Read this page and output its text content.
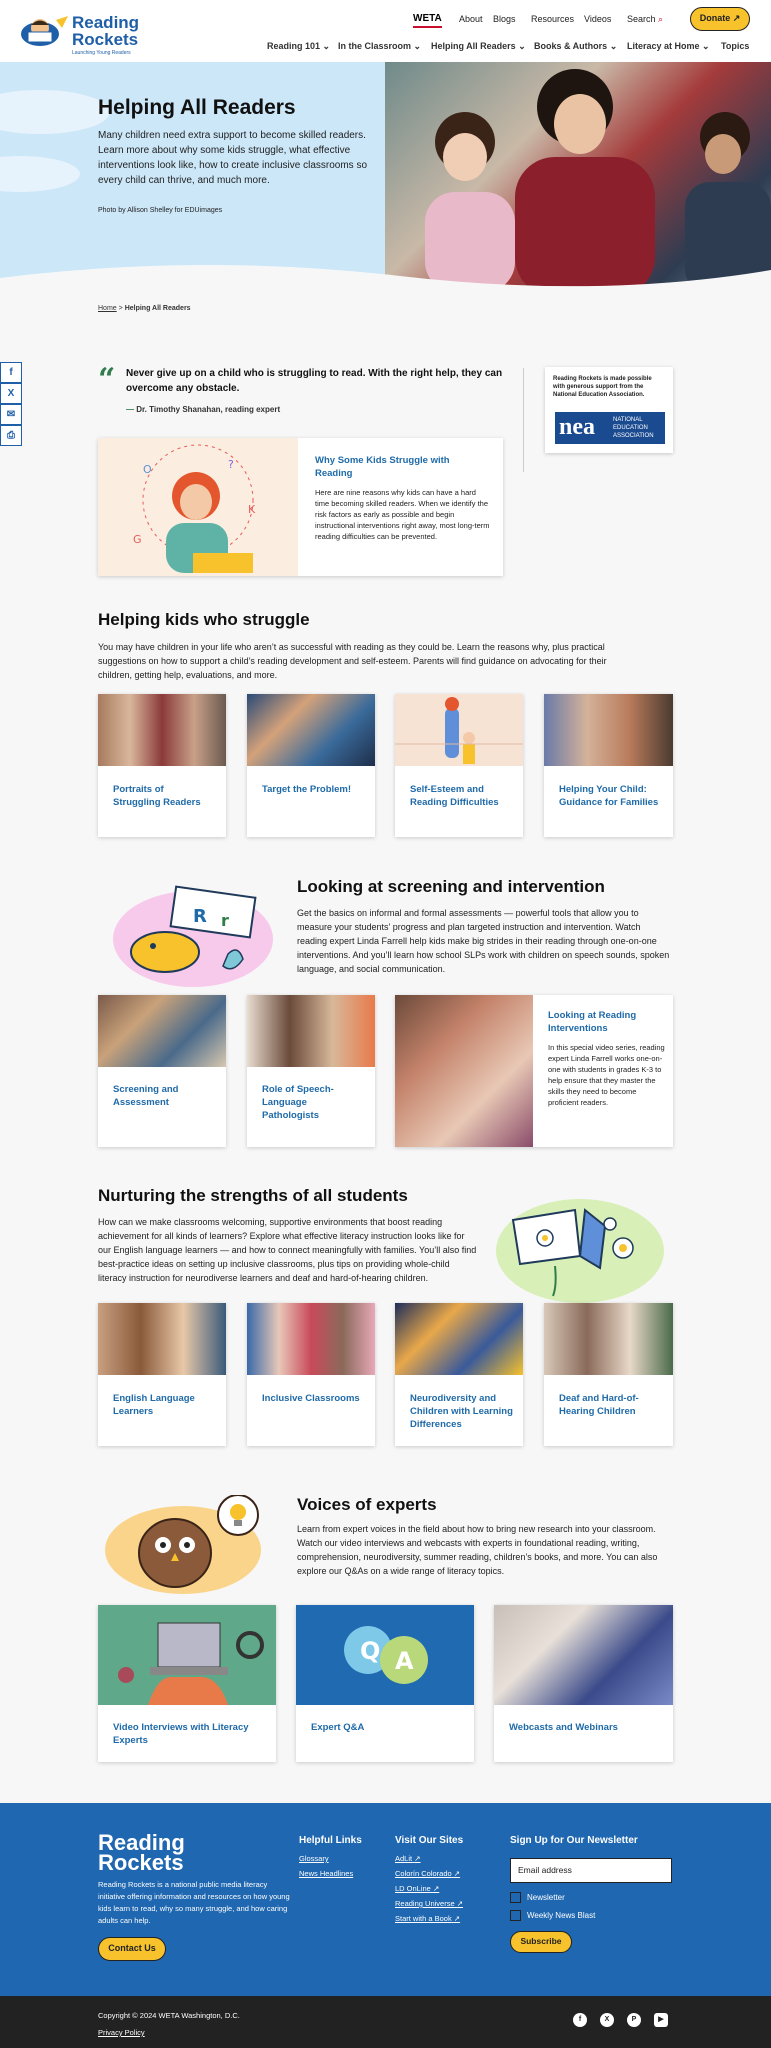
Reading
Rockets
Launching Young Readers
WETA About Blogs Resources Videos Search ⌕	Donate ↗
Reading 101 ⌄ In the Classroom ⌄ Helping All Readers ⌄ Books & Authors ⌄ Literacy at Home ⌄ Topics
Helping All Readers

Many children need extra support to become skilled readers. Learn more about why some kids struggle, what effective interventions look like, how to create inclusive classrooms so every child can thrive, and much more.

Photo by Allison Shelley for EDUimages

Home > Helping All Readers
f
X
✉
⎙
“ Never give up on a child who is struggling to read. With the right help, they can overcome any obstacle.

— Dr. Timothy Shanahan, reading expert

Reading Rockets is made possible with generous support from the National Education Association.

nea	NATIONAL EDUCATION ASSOCIATION
O	?
K
G
Why Some Kids Struggle with Reading
Here are nine reasons why kids can have a hard time becoming skilled readers. When we identify the risk factors as early as possible and begin instructional interventions right away, most long-term reading difficulties can be prevented.
Helping kids who struggle

You may have children in your life who aren’t as successful with reading as they could be. Learn the reasons why, plus practical suggestions on how to support a child’s reading development and self-esteem. Parents will find guidance on advocating for their children, getting help, evaluations, and more.

Portraits of Struggling Readers
Target the Problem!	Self-Esteem and Reading Difficulties
Helping Your Child: Guidance for Families
R r
Looking at screening and intervention

Get the basics on informal and formal assessments — powerful tools that allow you to measure your students’ progress and plan targeted instruction and intervention. Watch reading expert Linda Farrell help kids make big strides in their reading through one-on-one interventions. And you’ll learn how school SLPs work with children on speech sounds, spoken language, and social communication.

Screening and Assessment
Role of Speech-Language Pathologists
Looking at Reading Interventions
In this special video series, reading expert Linda Farrell works one-on-one with students in grades K-3 to help ensure that they master the skills they need to become proficient readers.
Nurturing the strengths of all students

How can we make classrooms welcoming, supportive environments that boost reading achievement for all kinds of learners? Explore what effective literacy instruction looks like for our English language learners — and how to connect meaningfully with families. You’ll also find best-practice ideas on setting up inclusive classrooms, plus tips on providing whole-child literacy instruction for neurodiverse learners and deaf and hard-of-hearing children.

English Language Learners
Inclusive Classrooms	Neurodiversity and Children with Learning Differences
Deaf and Hard-of-Hearing Children
Voices of experts

Learn from expert voices in the field about how to bring new research into your classroom. Watch our video interviews and webcasts with experts in foundational reading, writing, comprehension, neurodiversity, summer reading, children’s books, and more. You can also explore our Q&As on a wide range of literacy topics.

Video Interviews with Literacy Experts
Q A
Expert Q&A	Webcasts and Webinars
Reading
Rockets

Reading Rockets is a national public media literacy initiative offering information and resources on how young kids learn to read, why so many struggle, and how caring adults can help.

Contact Us
Helpful Links
Glossary
News Headlines
Visit Our Sites
AdLit ↗
Colorín Colorado ↗
LD OnLine ↗
Reading Universe ↗
Start with a Book ↗
Sign Up for Our Newsletter
Email address
Newsletter
Weekly News Blast
Subscribe

Copyright © 2024 WETA Washington, D.C.

Privacy Policy
f	X	P	▶
